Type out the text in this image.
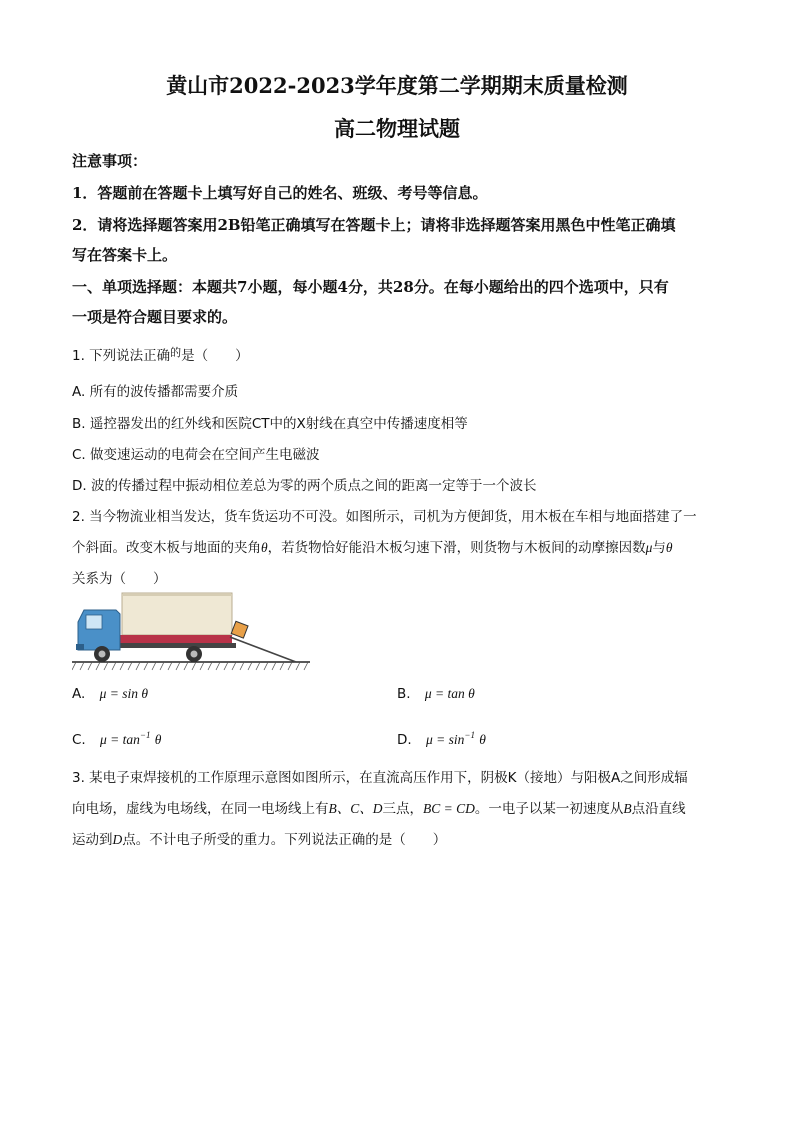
黄山市2022-2023学年度第二学期期末质量检测
高二物理试题
注意事项：
1．答题前在答题卡上填写好自己的姓名、班级、考号等信息。
2．请将选择题答案用2B铅笔正确填写在答题卡上；请将非选择题答案用黑色中性笔正确填
写在答案卡上。
一、单项选择题：本题共7小题，每小题4分，共28分。在每小题给出的四个选项中，只有
一项是符合题目要求的。
1. 下列说法正确$^的$是（　　）
A. 所有的波传播都需要介质
B. 遥控器发出的红外线和医院CT中的X射线在真空中传播速度相等
C. 做变速运动的电荷会在空间产生电磁波
D. 波的传播过程中振动相位差总为零的两个质点之间的距离一定等于一个波长
2. 当今物流业相当发达，货车货运功不可没。如图所示，司机为方便卸货，用木板在车相与地面搭建了一
个斜面。改变木板与地面的夹角θ，若货物恰好能沿木板匀速下滑，则货物与木板间的动摩擦因数μ与θ
关系为（　　）
A. μ = sin θ	B. μ = tan θ
C. $\mu = \tan^{-1} \theta$	D. $\mu = \sin^{-1} \theta$
3. 某电子束焊接机的工作原理示意图如图所示，在直流高压作用下，阴极K（接地）与阳极A之间形成辐
向电场，虚线为电场线，在同一电场线上有B、C、D三点，BC = CD。一电子以某一初速度从B点沿直线
运动到D点。不计电子所受的重力。下列说法正确的是（　　）
